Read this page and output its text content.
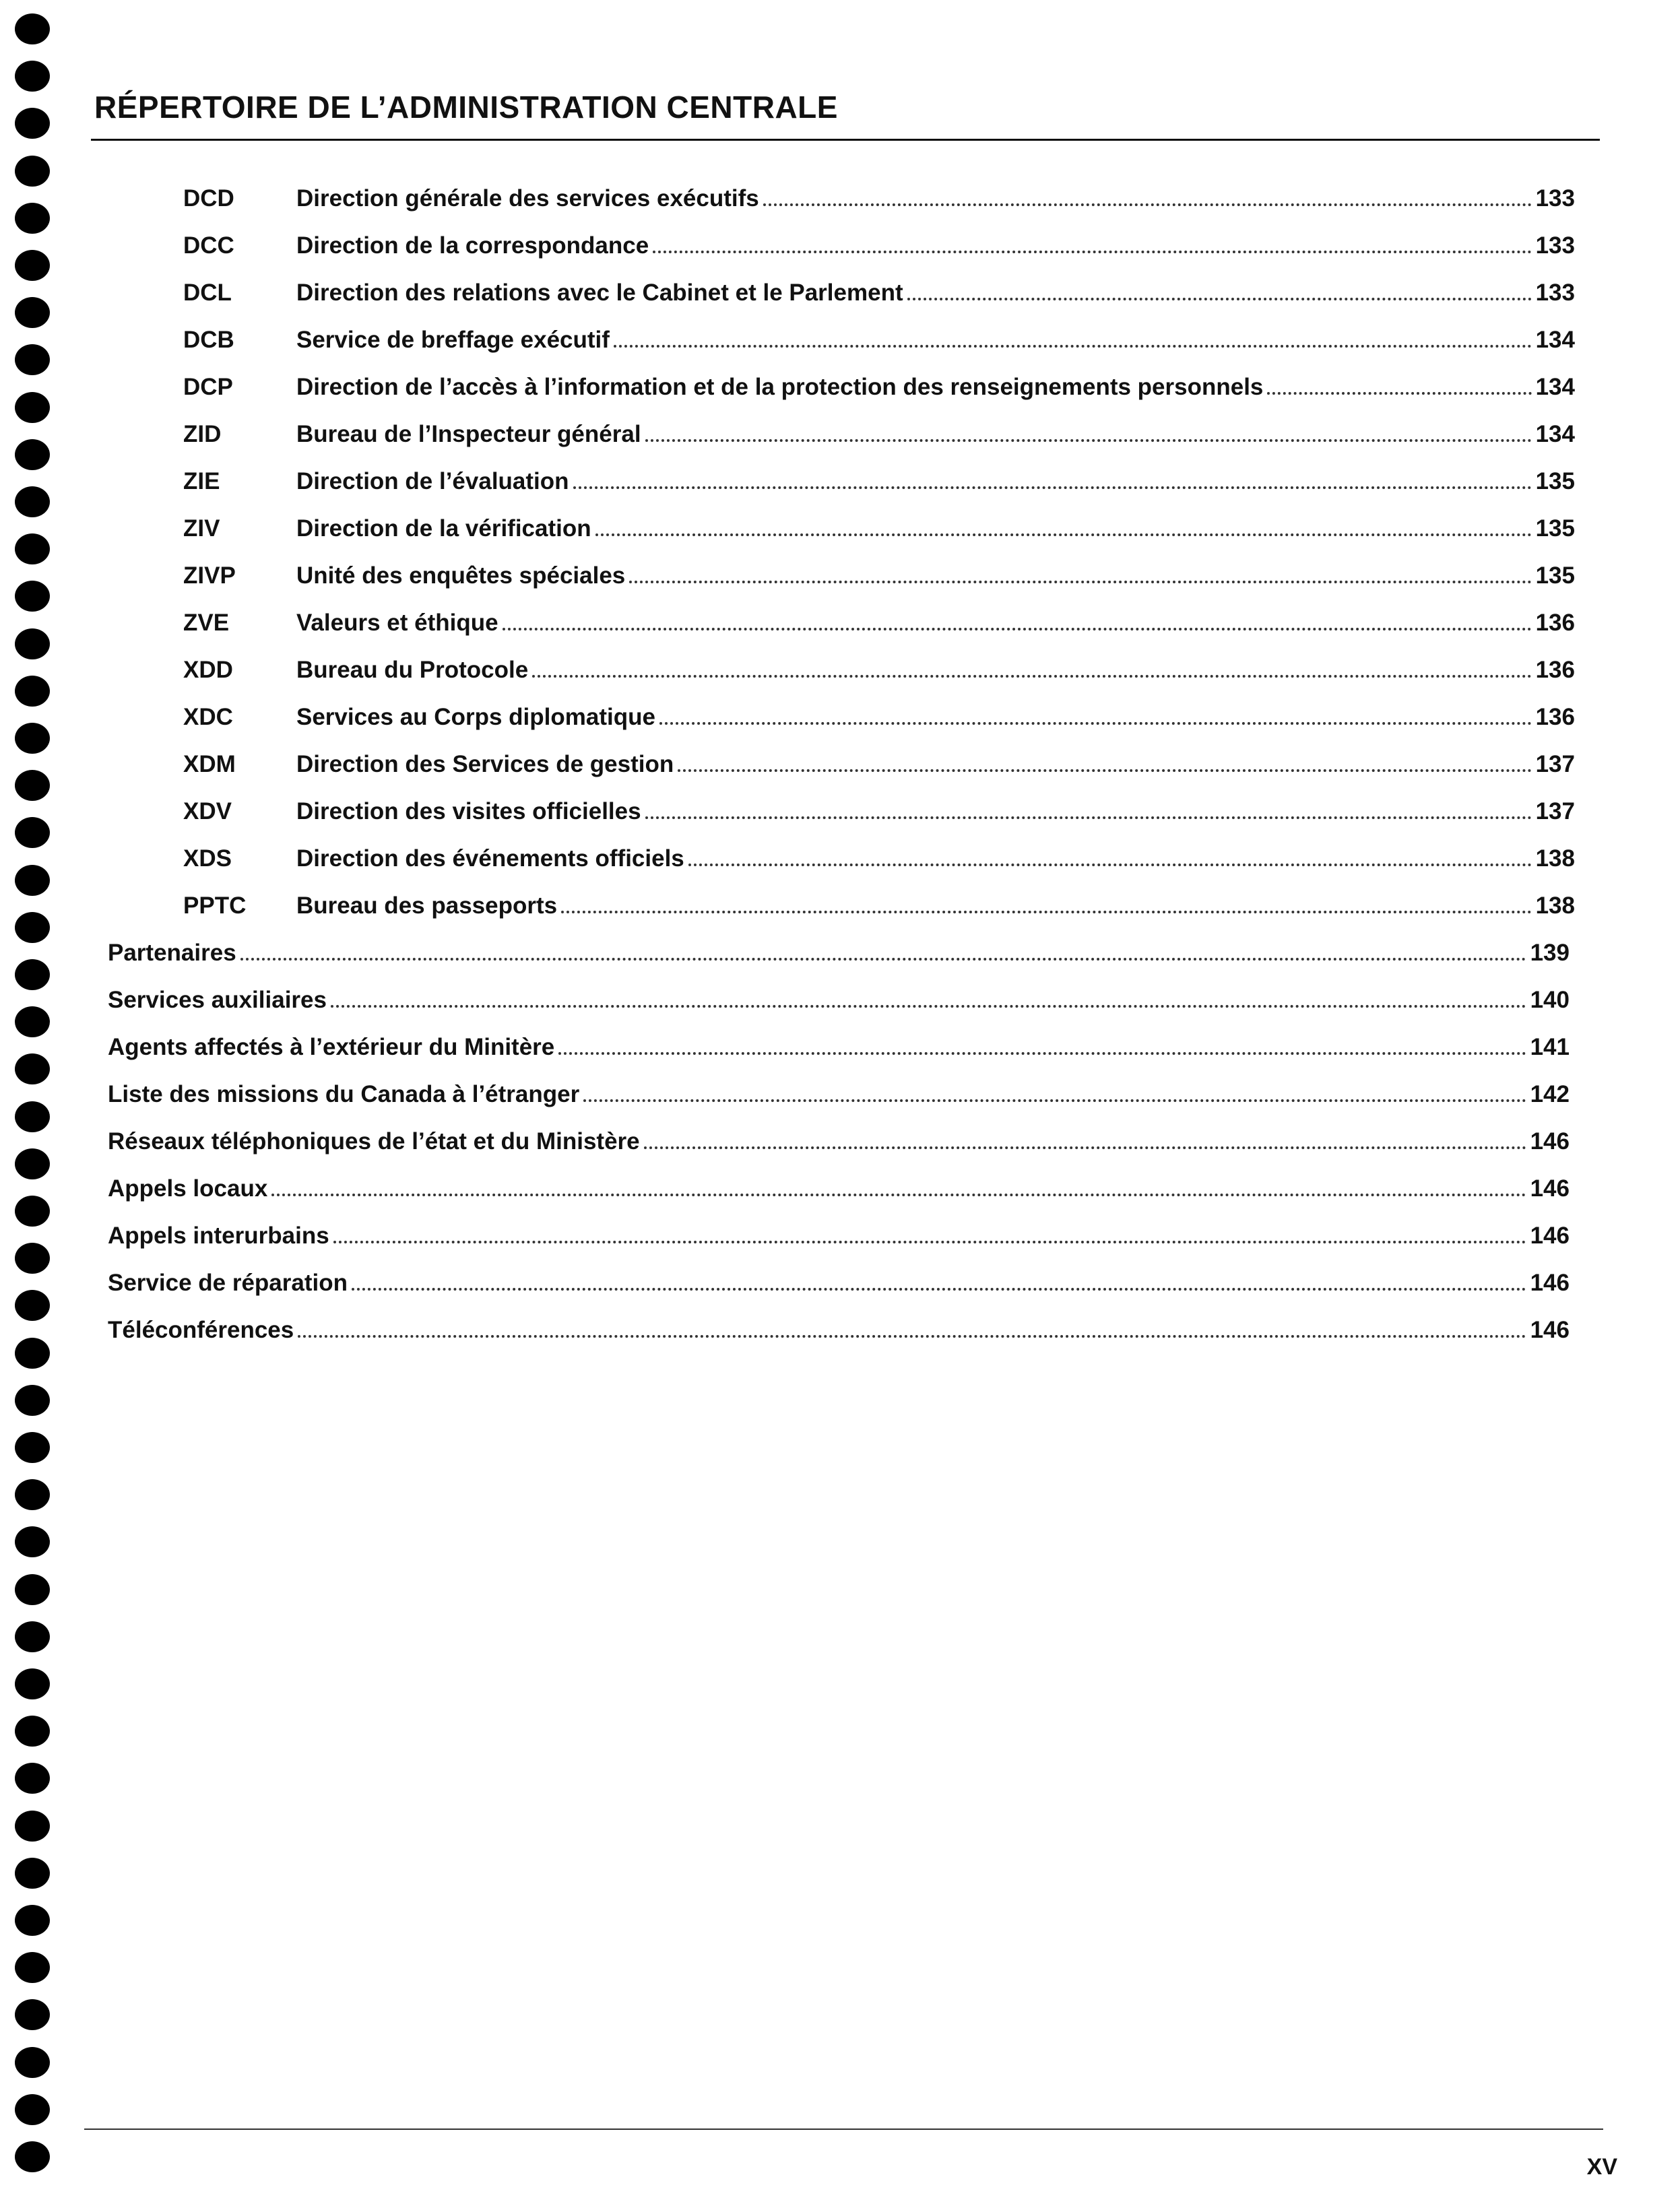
RÉPERTOIRE DE L’ADMINISTRATION CENTRALE
DCD	Direction générale des services exécutifs	133
DCC	Direction de la correspondance	133
DCL	Direction des relations avec le Cabinet et le Parlement	133
DCB	Service de breffage exécutif	134
DCP	Direction de l’accès à l’information et de la protection des renseignements personnels	134
ZID	Bureau de l’Inspecteur général	134
ZIE	Direction de l’évaluation	135
ZIV	Direction de la vérification	135
ZIVP	Unité des enquêtes spéciales	135
ZVE	Valeurs et éthique	136
XDD	Bureau du Protocole	136
XDC	Services au Corps diplomatique	136
XDM	Direction des Services de gestion	137
XDV	Direction des visites officielles	137
XDS	Direction des événements officiels	138
PPTC	Bureau des passeports	138
Partenaires	139
Services auxiliaires	140
Agents affectés à l’extérieur du Minitère	141
Liste des missions du Canada à l’étranger	142
Réseaux téléphoniques de l’état et du Ministère	146
Appels locaux	146
Appels interurbains	146
Service de réparation	146
Téléconférences	146
XV
